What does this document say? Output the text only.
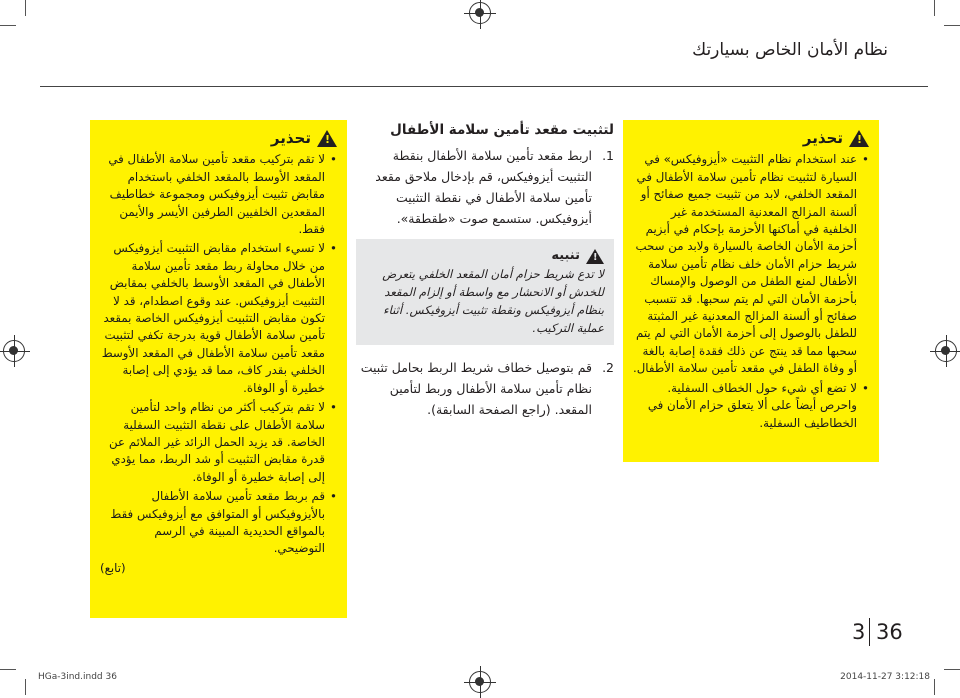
نظام الأمان الخاص بسيارتك
!
تحذير
• لا تقم بتركيب مقعد تأمين سلامة الأطفال في المقعد الأوسط بالمقعد الخلفي باستخدام مقابض تثبيت أيزوفيكس ومجموعة خطاطيف المقعدين الخلفيين الطرفين الأيسر والأيمن فقط.
• لا تسيء استخدام مقابض التثبيت أيزوفيكس من خلال محاولة ربط مقعد تأمين سلامة الأطفال في المقعد الأوسط بالخلفي بمقابض التثبيت أيزوفيكس. عند وقوع اصطدام، قد لا تكون مقابض التثبيت أيزوفيكس الخاصة بمقعد تأمين سلامة الأطفال قوية بدرجة تكفي لتثبيت مقعد تأمين سلامة الأطفال في المقعد الأوسط الخلفي بقدر كاف، مما قد يؤدي إلى إصابة خطيرة أو الوفاة.
• لا تقم بتركيب أكثر من نظام واحد لتأمين سلامة الأطفال على نقطة التثبيت السفلية الخاصة. قد يزيد الحمل الزائد غير الملائم عن قدرة مقابض التثبيت أو شد الربط، مما يؤدي إلى إصابة خطيرة أو الوفاة.
• قم بربط مقعد تأمين سلامة الأطفال بالأيزوفيكس أو المتوافق مع أيزوفيكس فقط بالمواقع الحديدية المبينة في الرسم التوضيحي.
(تابع)
لتثبيت مقعد تأمين سلامة الأطفال
1.
اربط مقعد تأمين سلامة الأطفال بنقطة التثبيت أيزوفيكس، قم بإدخال ملاحق مقعد تأمين سلامة الأطفال في نقطة التثبيت أيزوفيكس. ستسمع صوت «طقطقة».
!
تنبيه

لا تدع شريط حزام أمان المقعد الخلفي يتعرض للخدش أو الانحشار مع واسطة أو إلزام المقعد بنظام أيزوفيكس ونقطة تثبيت أيزوفيكس. أثناء عملية التركيب.

2.
قم بتوصيل خطاف شريط الربط بحامل تثبيت نظام تأمين سلامة الأطفال وربط لتأمين المقعد. (راجع الصفحة السابقة).
!
تحذير
• عند استخدام نظام التثبيت «أيزوفيكس» في السيارة لتثبيت نظام تأمين سلامة الأطفال في المقعد الخلفي، لابد من تثبيت جميع صفائح أو ألسنة المزالج المعدنية المستخدمة غير الخلفية في أماكنها الأحزمة بإحكام في أبزيم أحزمة الأمان الخاصة بالسيارة ولابد من سحب شريط حزام الأمان خلف نظام تأمين سلامة الأطفال لمنع الطفل من الوصول والإمساك بأحزمة الأمان التي لم يتم سحبها. قد تتسبب صفائح أو ألسنة المزالج المعدنية غير المثبتة للطفل بالوصول إلى أحزمة الأمان التي لم يتم سحبها مما قد ينتج عن ذلك فقدة إصابة بالغة أو وفاة الطفل في مقعد تأمين سلامة الأطفال.
• لا تضع أي شيء حول الخطاف السفلية. واحرص أيضاً على ألا يتعلق حزام الأمان في الخطاطيف السفلية.
3 36
HGa-3ind.indd 36	2014-11-27 3:12:18
